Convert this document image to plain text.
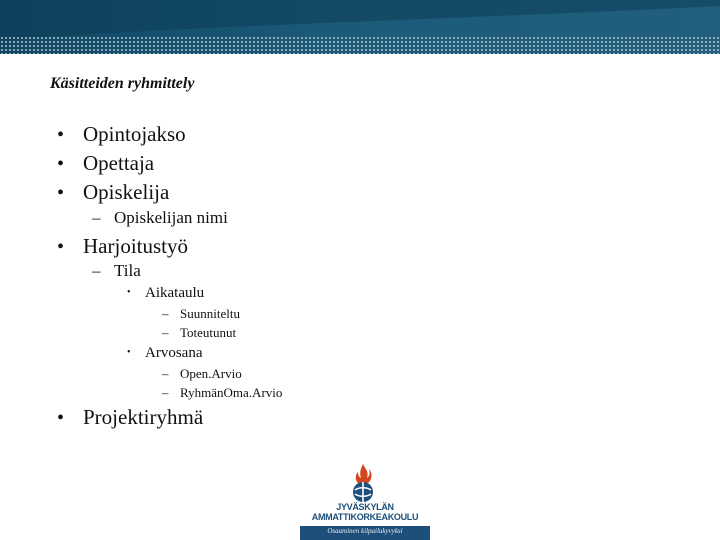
Käsitteiden ryhmittely
• Opintojakso
• Opettaja
• Opiskelija
– Opiskelijan nimi
• Harjoitustyö
– Tila
• Aikataulu
– Suunniteltu
– Toteutunut
• Arvosana
– Open.Arvio
– RyhmänOma.Arvio
• Projektiryhmä
JYVÄSKYLÄN
AMMATTIKORKEAKOULU
Osaaminen kilpailukyvyksi
